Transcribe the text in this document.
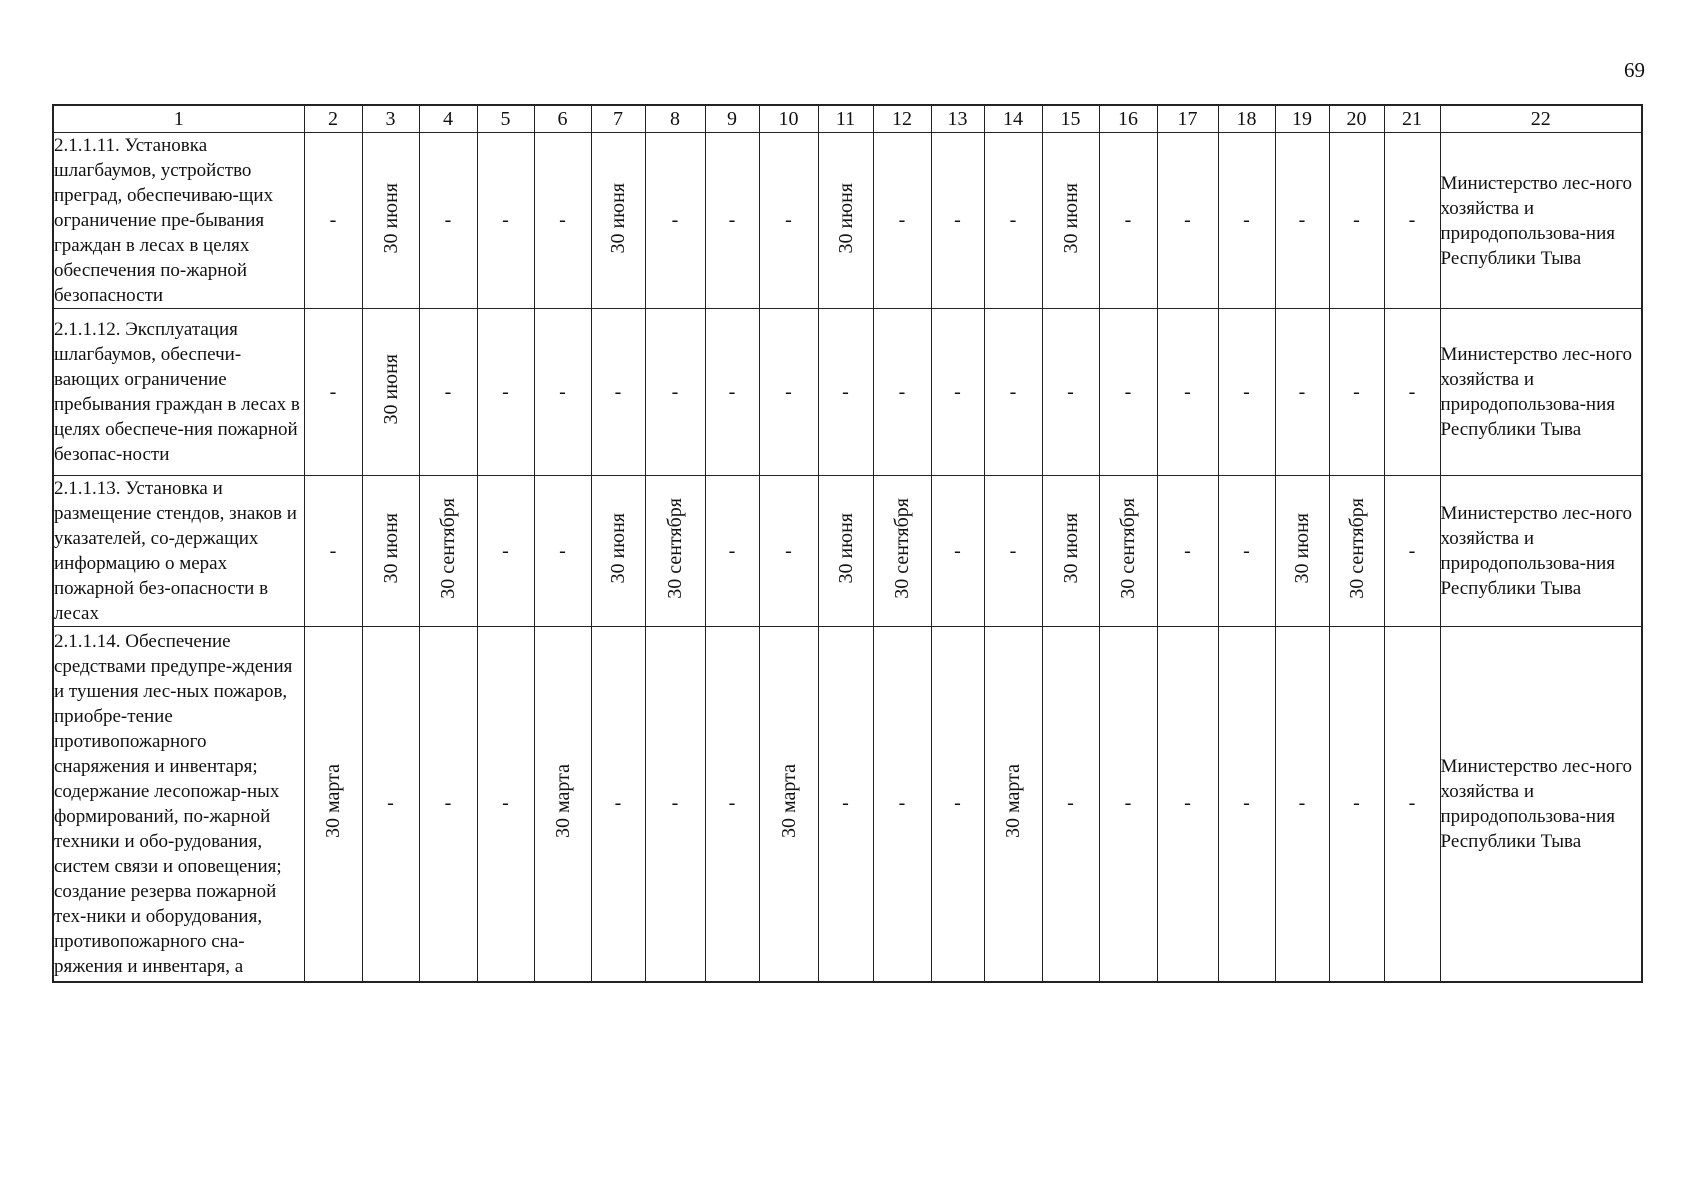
69
1	2	3	4	5	6	7	8	9	10	11	12	13	14	15	16	17	18	19	20	21	22
2.1.1.11. Установка шлагбаумов, устройство преград, обеспечиваю-щих ограничение пре-бывания граждан в лесах в целях обеспечения по-жарной безопасности	-	30 июня	-	-	-	30 июня	-	-	-	30 июня	-	-	-	30 июня	-	-	-	-	-	-	Министерство лес-ного хозяйства и природопользова-ния Республики Тыва
2.1.1.12. Эксплуатация шлагбаумов, обеспечи-вающих ограничение пребывания граждан в лесах в целях обеспече-ния пожарной безопас-ности	-	30 июня	-	-	-	-	-	-	-	-	-	-	-	-	-	-	-	-	-	-	Министерство лес-ного хозяйства и природопользова-ния Республики Тыва
2.1.1.13. Установка и размещение стендов, знаков и указателей, со-держащих информацию о мерах пожарной без-опасности в лесах	-	30 июня	30 сентября	-	-	30 июня	30 сентября	-	-	30 июня	30 сентября	-	-	30 июня	30 сентября	-	-	30 июня	30 сентября	-	Министерство лес-ного хозяйства и природопользова-ния Республики Тыва
2.1.1.14. Обеспечение средствами предупре-ждения и тушения лес-ных пожаров, приобре-тение противопожарного снаряжения и инвентаря; содержание лесопожар-ных формирований, по-жарной техники и обо-рудования, систем связи и оповещения; создание резерва пожарной тех-ники и оборудования, противопожарного сна-ряжения и инвентаря, а	30 марта	-	-	-	30 марта	-	-	-	30 марта	-	-	-	30 марта	-	-	-	-	-	-	-	Министерство лес-ного хозяйства и природопользова-ния Республики Тыва
